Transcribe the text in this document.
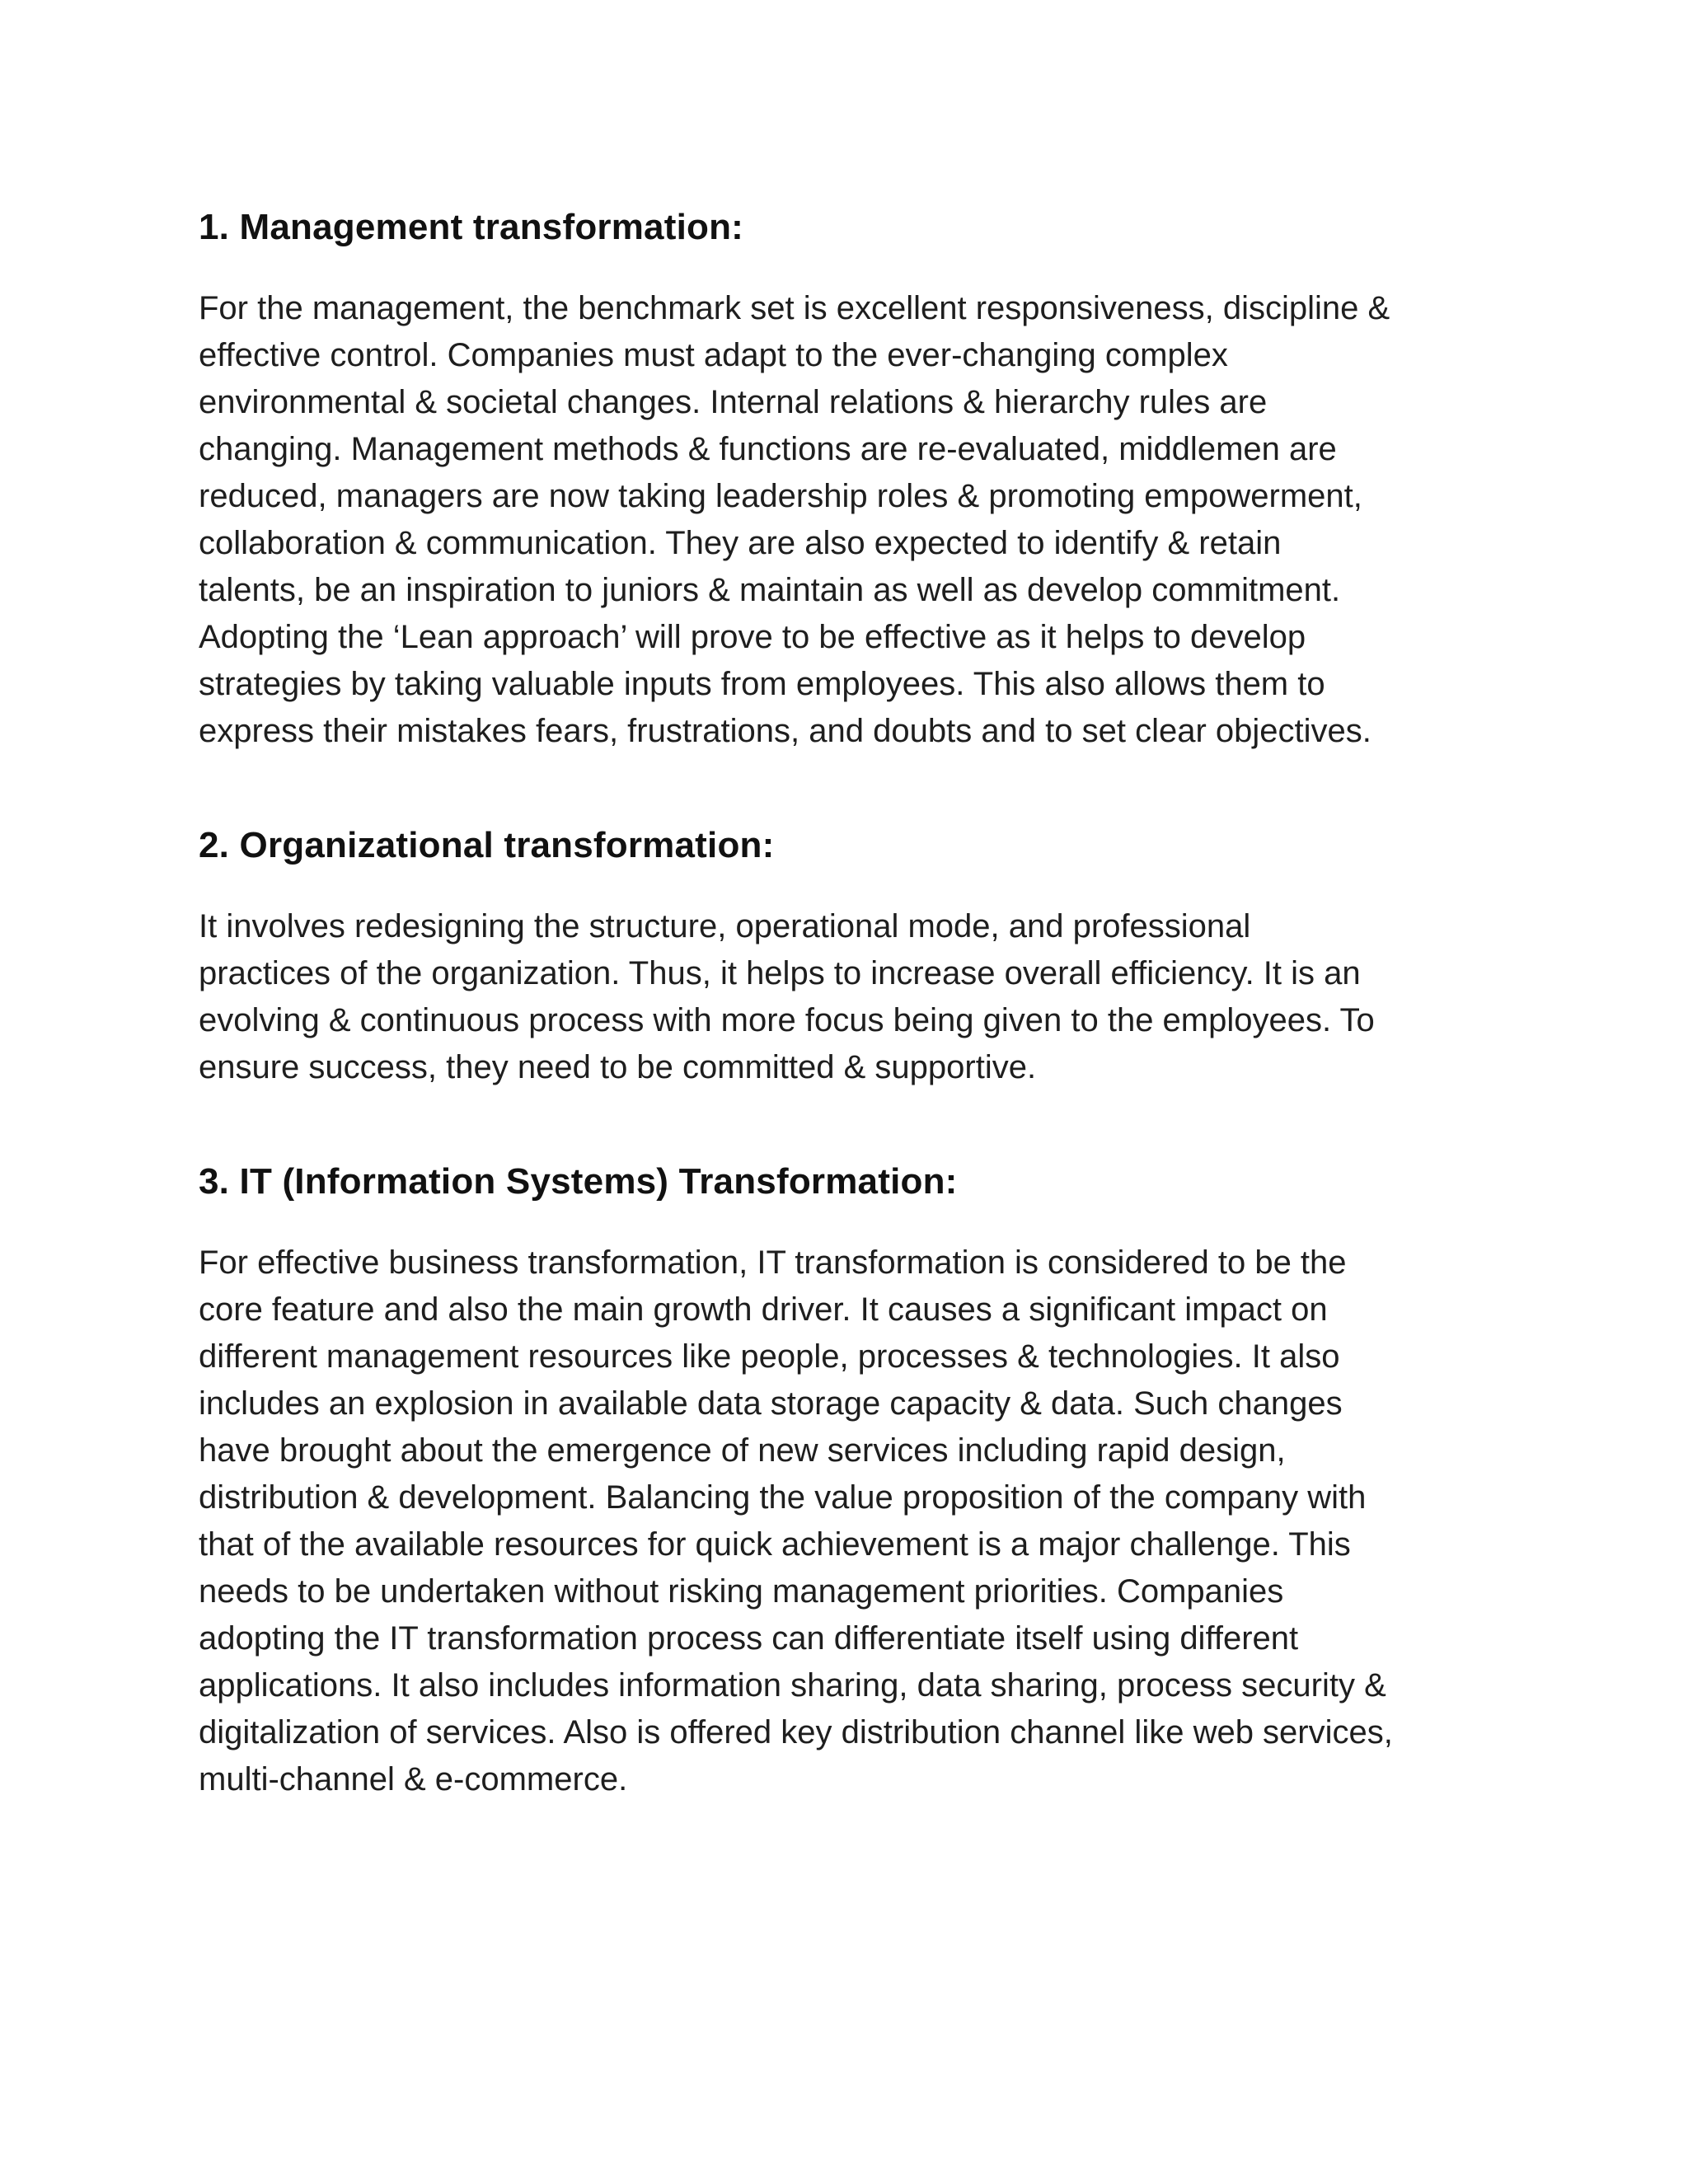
1. Management transformation:

For the management, the benchmark set is excellent responsiveness, discipline &
effective control. Companies must adapt to the ever-changing complex
environmental & societal changes. Internal relations & hierarchy rules are
changing. Management methods & functions are re-evaluated, middlemen are
reduced, managers are now taking leadership roles & promoting empowerment,
collaboration & communication. They are also expected to identify & retain
talents, be an inspiration to juniors & maintain as well as develop commitment.
Adopting the ‘Lean approach’ will prove to be effective as it helps to develop
strategies by taking valuable inputs from employees. This also allows them to
express their mistakes fears, frustrations, and doubts and to set clear objectives.

2. Organizational transformation:

It involves redesigning the structure, operational mode, and professional
practices of the organization. Thus, it helps to increase overall efficiency. It is an
evolving & continuous process with more focus being given to the employees. To
ensure success, they need to be committed & supportive.

3. IT (Information Systems) Transformation:

For effective business transformation, IT transformation is considered to be the
core feature and also the main growth driver. It causes a significant impact on
different management resources like people, processes & technologies. It also
includes an explosion in available data storage capacity & data. Such changes
have brought about the emergence of new services including rapid design,
distribution & development. Balancing the value proposition of the company with
that of the available resources for quick achievement is a major challenge. This
needs to be undertaken without risking management priorities. Companies
adopting the IT transformation process can differentiate itself using different
applications. It also includes information sharing, data sharing, process security &
digitalization of services. Also is offered key distribution channel like web services,
multi-channel & e-commerce.
